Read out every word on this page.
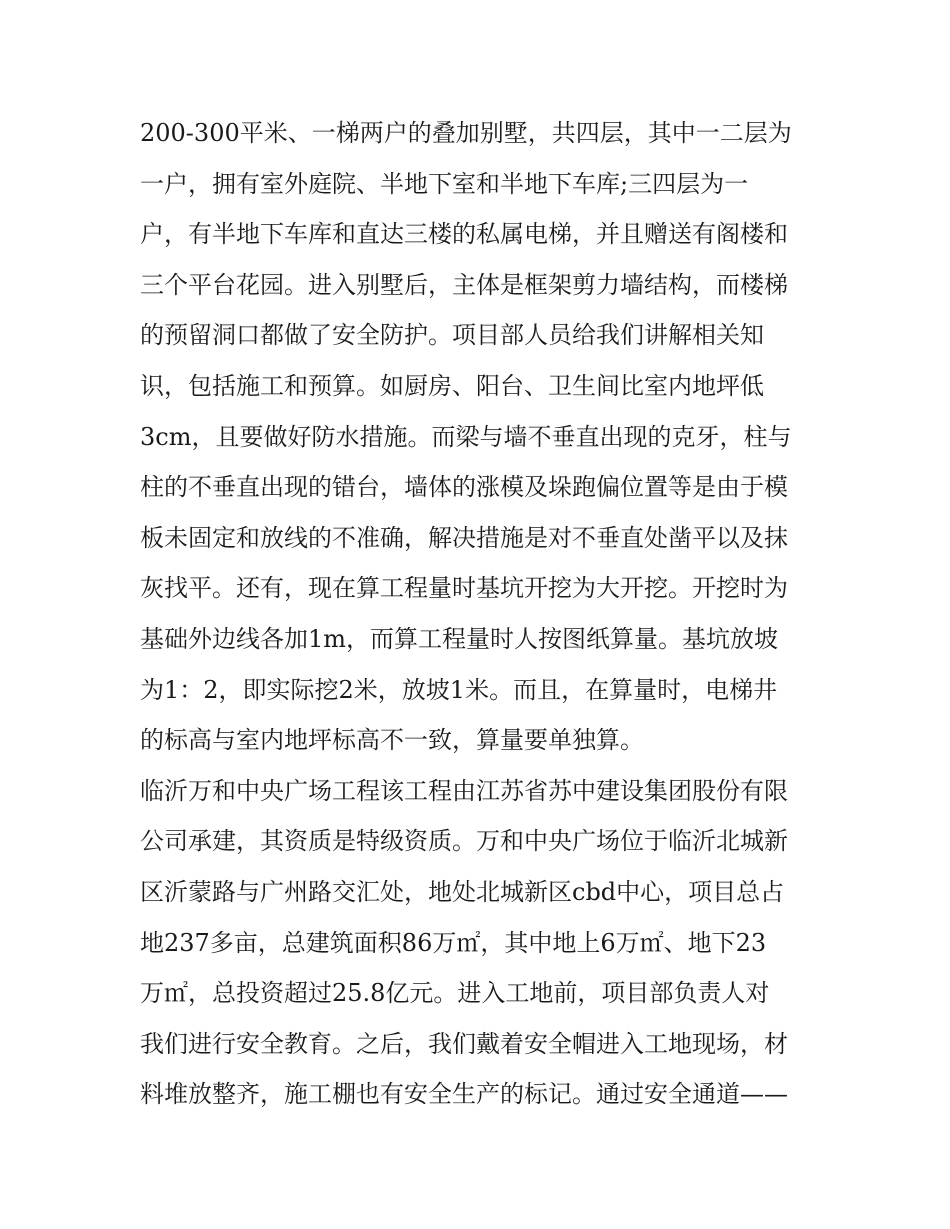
200-300平米、一梯两户的叠加别墅，共四层，其中一二层为
一户，拥有室外庭院、半地下室和半地下车库;三四层为一
户，有半地下车库和直达三楼的私属电梯，并且赠送有阁楼和
三个平台花园。进入别墅后，主体是框架剪力墙结构，而楼梯
的预留洞口都做了安全防护。项目部人员给我们讲解相关知
识，包括施工和预算。如厨房、阳台、卫生间比室内地坪低
3cm，且要做好防水措施。而梁与墙不垂直出现的克牙，柱与
柱的不垂直出现的错台，墙体的涨模及垛跑偏位置等是由于模
板未固定和放线的不准确，解决措施是对不垂直处凿平以及抹
灰找平。还有，现在算工程量时基坑开挖为大开挖。开挖时为
基础外边线各加1m，而算工程量时人按图纸算量。基坑放坡
为1：2，即实际挖2米，放坡1米。而且，在算量时，电梯井
的标高与室内地坪标高不一致，算量要单独算。
临沂万和中央广场工程该工程由江苏省苏中建设集团股份有限
公司承建，其资质是特级资质。万和中央广场位于临沂北城新
区沂蒙路与广州路交汇处，地处北城新区cbd中心，项目总占
地237多亩，总建筑面积86万㎡，其中地上6万㎡、地下23
万㎡，总投资超过25.8亿元。进入工地前，项目部负责人对
我们进行安全教育。之后，我们戴着安全帽进入工地现场，材
料堆放整齐，施工棚也有安全生产的标记。通过安全通道——
